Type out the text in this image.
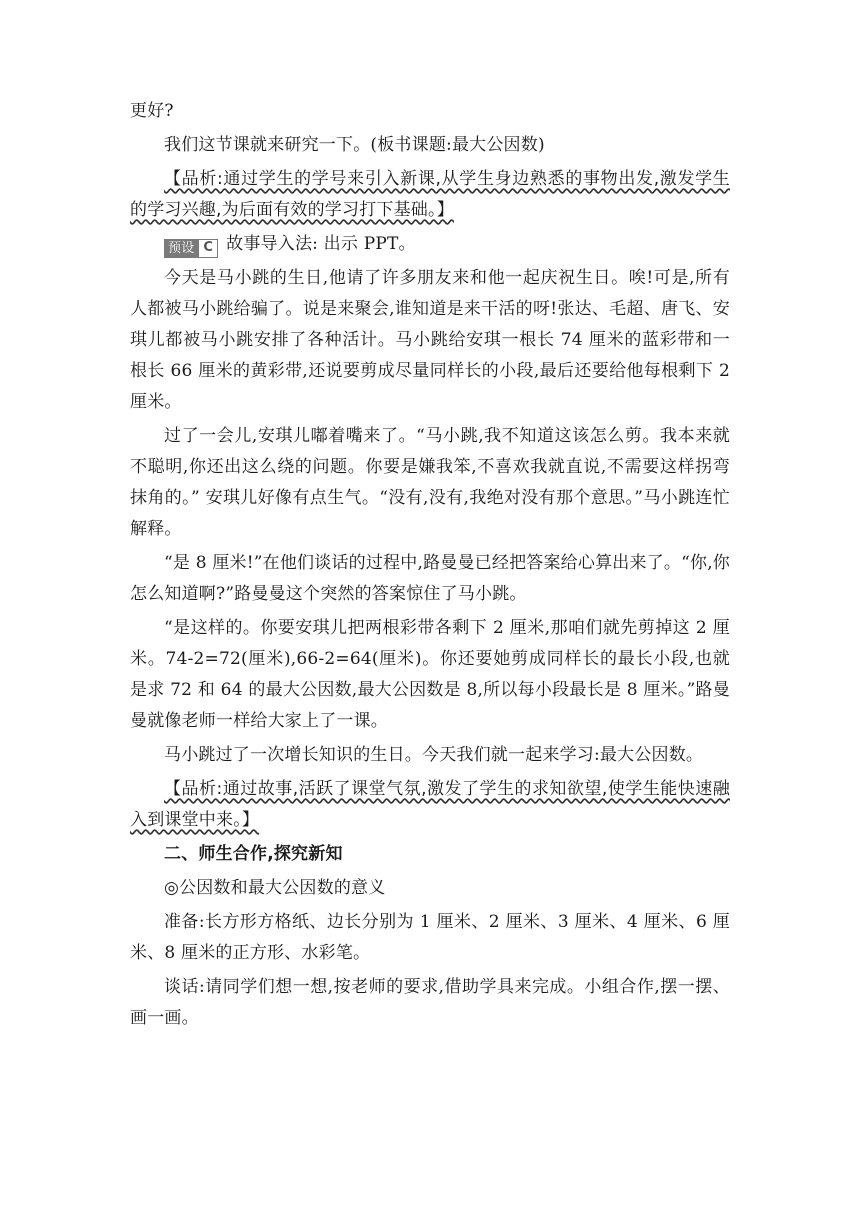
更好?

我们这节课就来研究一下。(板书课题:最大公因数)

【品析:通过学生的学号来引入新课,从学生身边熟悉的事物出发,激发学生的学习兴趣,为后面有效的学习打下基础。】

预设 C 故事导入法: 出示 PPT。

今天是马小跳的生日,他请了许多朋友来和他一起庆祝生日。唉!可是,所有人都被马小跳给骗了。说是来聚会,谁知道是来干活的呀!张达、毛超、唐飞、安琪儿都被马小跳安排了各种活计。马小跳给安琪一根长 74 厘米的蓝彩带和一根长 66 厘米的黄彩带,还说要剪成尽量同样长的小段,最后还要给他每根剩下 2 厘米。

过了一会儿,安琪儿嘟着嘴来了。“马小跳,我不知道这该怎么剪。我本来就不聪明,你还出这么绕的问题。你要是嫌我笨,不喜欢我就直说,不需要这样拐弯抹角的。” 安琪儿好像有点生气。“没有,没有,我绝对没有那个意思。”马小跳连忙解释。

“是 8 厘米!”在他们谈话的过程中,路曼曼已经把答案给心算出来了。“你,你怎么知道啊?”路曼曼这个突然的答案惊住了马小跳。

“是这样的。你要安琪儿把两根彩带各剩下 2 厘米,那咱们就先剪掉这 2 厘米。74-2=72(厘米),66-2=64(厘米)。你还要她剪成同样长的最长小段,也就是求 72 和 64 的最大公因数,最大公因数是 8,所以每小段最长是 8 厘米。”路曼曼就像老师一样给大家上了一课。

马小跳过了一次增长知识的生日。今天我们就一起来学习:最大公因数。

【品析:通过故事,活跃了课堂气氛,激发了学生的求知欲望,使学生能快速融入到课堂中来。】

二、师生合作,探究新知

◎公因数和最大公因数的意义

准备:长方形方格纸、边长分别为 1 厘米、2 厘米、3 厘米、4 厘米、6 厘米、8 厘米的正方形、水彩笔。

谈话:请同学们想一想,按老师的要求,借助学具来完成。小组合作,摆一摆、画一画。
